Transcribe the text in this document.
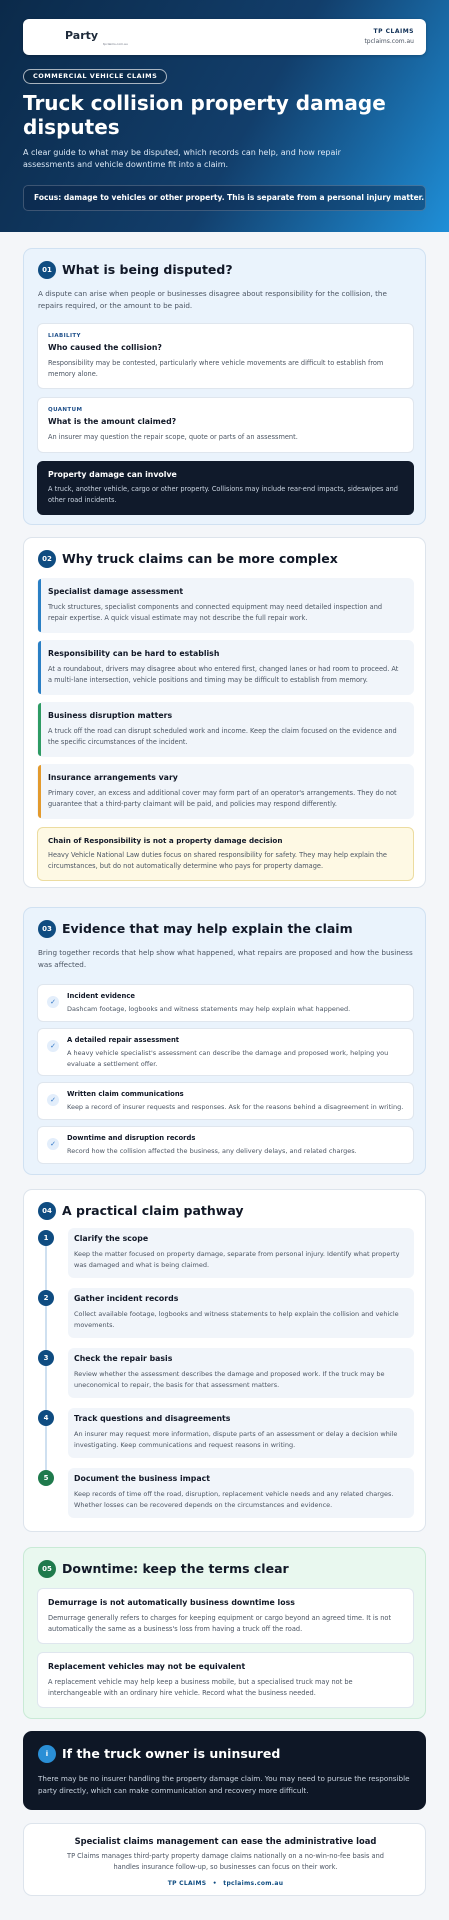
Party
tpclaims.com.au
TP CLAIMS
tpclaims.com.au
COMMERCIAL VEHICLE CLAIMS
Truck collision property damage disputes
A clear guide to what may be disputed, which records can help, and how repair assessments and vehicle downtime fit into a claim.
Focus: damage to vehicles or other property. This is separate from a personal injury matter.
01 What is being disputed?
A dispute can arise when people or businesses disagree about responsibility for the collision, the repairs required, or the amount to be paid.
LIABILITY
Who caused the collision?
Responsibility may be contested, particularly where vehicle movements are difficult to establish from memory alone.
QUANTUM
What is the amount claimed?
An insurer may question the repair scope, quote or parts of an assessment.
Property damage can involve
A truck, another vehicle, cargo or other property. Collisions may include rear-end impacts, sideswipes and other road incidents.
02 Why truck claims can be more complex
Specialist damage assessment
Truck structures, specialist components and connected equipment may need detailed inspection and repair expertise. A quick visual estimate may not describe the full repair work.
Responsibility can be hard to establish
At a roundabout, drivers may disagree about who entered first, changed lanes or had room to proceed. At a multi-lane intersection, vehicle positions and timing may be difficult to establish from memory.
Business disruption matters
A truck off the road can disrupt scheduled work and income. Keep the claim focused on the evidence and the specific circumstances of the incident.
Insurance arrangements vary
Primary cover, an excess and additional cover may form part of an operator's arrangements. They do not guarantee that a third-party claimant will be paid, and policies may respond differently.
Chain of Responsibility is not a property damage decision
Heavy Vehicle National Law duties focus on shared responsibility for safety. They may help explain the circumstances, but do not automatically determine who pays for property damage.
03 Evidence that may help explain the claim
Bring together records that help show what happened, what repairs are proposed and how the business was affected.
✓
Incident evidence
Dashcam footage, logbooks and witness statements may help explain what happened.
✓
A detailed repair assessment
A heavy vehicle specialist's assessment can describe the damage and proposed work, helping you evaluate a settlement offer.
✓
Written claim communications
Keep a record of insurer requests and responses. Ask for the reasons behind a disagreement in writing.
✓
Downtime and disruption records
Record how the collision affected the business, any delivery delays, and related charges.
04 A practical claim pathway
1	Clarify the scope
Keep the matter focused on property damage, separate from personal injury. Identify what property was damaged and what is being claimed.
2	Gather incident records
Collect available footage, logbooks and witness statements to help explain the collision and vehicle movements.
3	Check the repair basis
Review whether the assessment describes the damage and proposed work. If the truck may be uneconomical to repair, the basis for that assessment matters.
4	Track questions and disagreements
An insurer may request more information, dispute parts of an assessment or delay a decision while investigating. Keep communications and request reasons in writing.
5	Document the business impact
Keep records of time off the road, disruption, replacement vehicle needs and any related charges. Whether losses can be recovered depends on the circumstances and evidence.
05 Downtime: keep the terms clear
Demurrage is not automatically business downtime loss
Demurrage generally refers to charges for keeping equipment or cargo beyond an agreed time. It is not automatically the same as a business's loss from having a truck off the road.
Replacement vehicles may not be equivalent
A replacement vehicle may help keep a business mobile, but a specialised truck may not be interchangeable with an ordinary hire vehicle. Record what the business needed.
i	If the truck owner is uninsured
There may be no insurer handling the property damage claim. You may need to pursue the responsible party directly, which can make communication and recovery more difficult.
Specialist claims management can ease the administrative load
TP Claims manages third-party property damage claims nationally on a no-win-no-fee basis and handles insurance follow-up, so businesses can focus on their work.
TP CLAIMS • tpclaims.com.au
